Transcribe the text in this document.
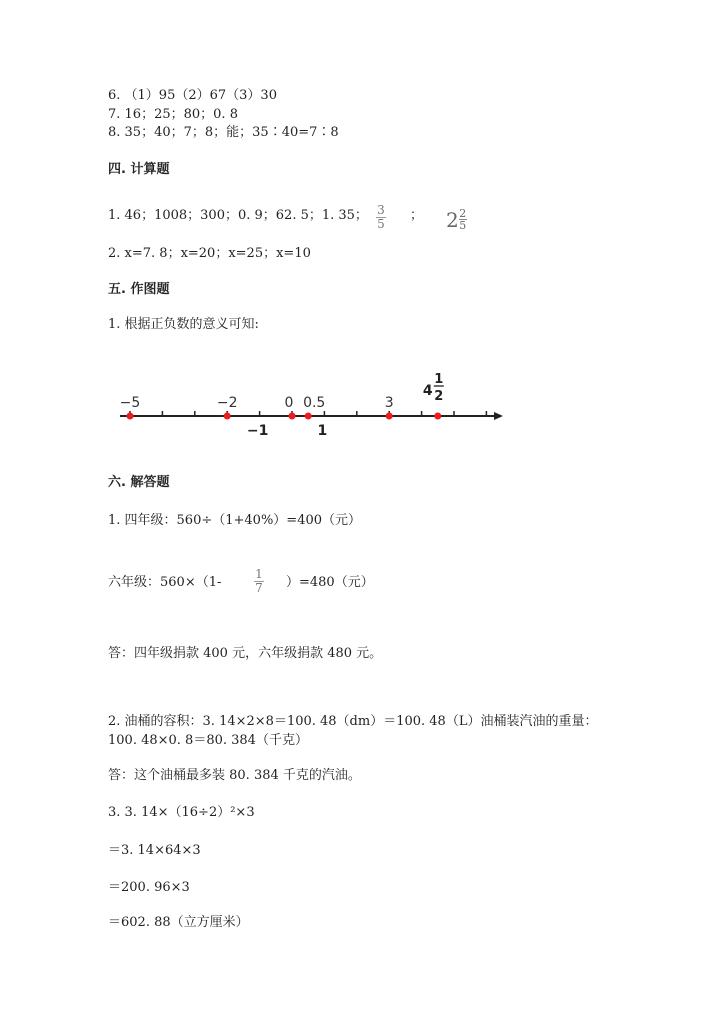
6. （1）95（2）67（3）30
7. 16；25；80；0. 8
8. 35；40；7；8；能；35∶40=7∶8
四. 计算题
1. 46；1008；300；0. 9；62. 5；1. 35； 3
5
； $2 \frac{2}{5}$
2. x=7. 8；x=20；x=25；x=10
五. 作图题
1. 根据正负数的意义可知:
−5	−2	0 0.5	3
−1	1
4
1
2
六. 解答题
1. 四年级：560÷（1+40%）=400（元）
六年级：560×（1-
1
7 ）=480（元）
答：四年级捐款 400 元，六年级捐款 480 元。
2. 油桶的容积：3. 14×2×8＝100. 48（dm）＝100. 48（L）油桶装汽油的重量：
100. 48×0. 8＝80. 384（千克）
答：这个油桶最多装 80. 384 千克的汽油。
3. 3. 14×（16÷2）²×3
＝3. 14×64×3
＝200. 96×3
＝602. 88（立方厘米）
